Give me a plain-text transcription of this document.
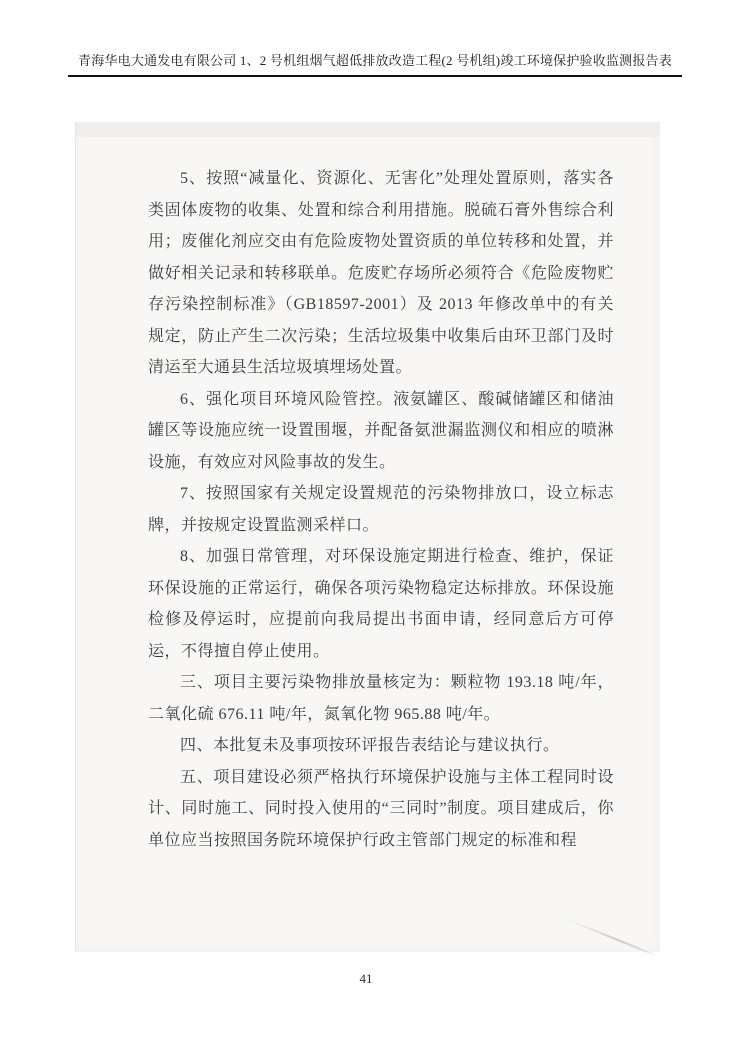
青海华电大通发电有限公司 1、2 号机组烟气超低排放改造工程(2 号机组)竣工环境保护验收监测报告表

5、按照“减量化、资源化、无害化”处理处置原则，落实各类固体废物的收集、处置和综合利用措施。脱硫石膏外售综合利用；废催化剂应交由有危险废物处置资质的单位转移和处置，并做好相关记录和转移联单。危废贮存场所必须符合《危险废物贮存污染控制标准》（GB18597-2001）及 2013 年修改单中的有关规定，防止产生二次污染；生活垃圾集中收集后由环卫部门及时清运至大通县生活垃圾填埋场处置。

6、强化项目环境风险管控。液氨罐区、酸碱储罐区和储油罐区等设施应统一设置围堰，并配备氨泄漏监测仪和相应的喷淋设施，有效应对风险事故的发生。

7、按照国家有关规定设置规范的污染物排放口，设立标志牌，并按规定设置监测采样口。

8、加强日常管理，对环保设施定期进行检查、维护，保证环保设施的正常运行，确保各项污染物稳定达标排放。环保设施检修及停运时，应提前向我局提出书面申请，经同意后方可停运，不得擅自停止使用。

三、项目主要污染物排放量核定为：颗粒物 193.18 吨/年，二氧化硫 676.11 吨/年，氮氧化物 965.88 吨/年。

四、本批复未及事项按环评报告表结论与建议执行。

五、项目建设必须严格执行环境保护设施与主体工程同时设计、同时施工、同时投入使用的“三同时”制度。项目建成后，你单位应当按照国务院环境保护行政主管部门规定的标准和程

41
